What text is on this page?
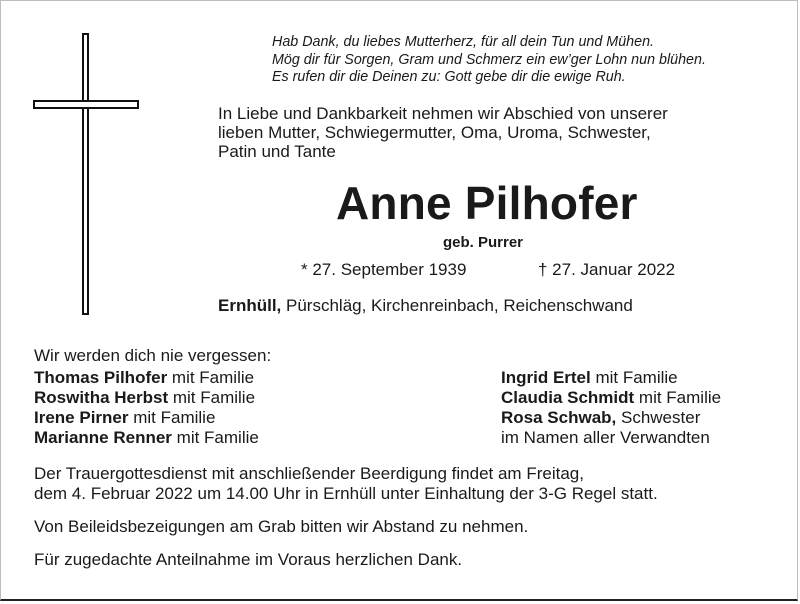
Hab Dank, du liebes Mutterherz, für all dein Tun und Mühen.
Mög dir für Sorgen, Gram und Schmerz ein ew’ger Lohn nun blühen.
Es rufen dir die Deinen zu: Gott gebe dir die ewige Ruh.
In Liebe und Dankbarkeit nehmen wir Abschied von unserer
lieben Mutter, Schwiegermutter, Oma, Uroma, Schwester,
Patin und Tante
Anne Pilhofer
geb. Purrer
* 27. September 1939	† 27. Januar 2022
Ernhüll, Pürschläg, Kirchenreinbach, Reichenschwand
Wir werden dich nie vergessen:
Thomas Pilhofer mit Familie
Roswitha Herbst mit Familie
Irene Pirner mit Familie
Marianne Renner mit Familie
Ingrid Ertel mit Familie
Claudia Schmidt mit Familie
Rosa Schwab, Schwester
im Namen aller Verwandten
Der Trauergottesdienst mit anschließender Beerdigung findet am Freitag,
dem 4. Februar 2022 um 14.00 Uhr in Ernhüll unter Einhaltung der 3-G Regel statt.
Von Beileidsbezeigungen am Grab bitten wir Abstand zu nehmen.
Für zugedachte Anteilnahme im Voraus herzlichen Dank.
